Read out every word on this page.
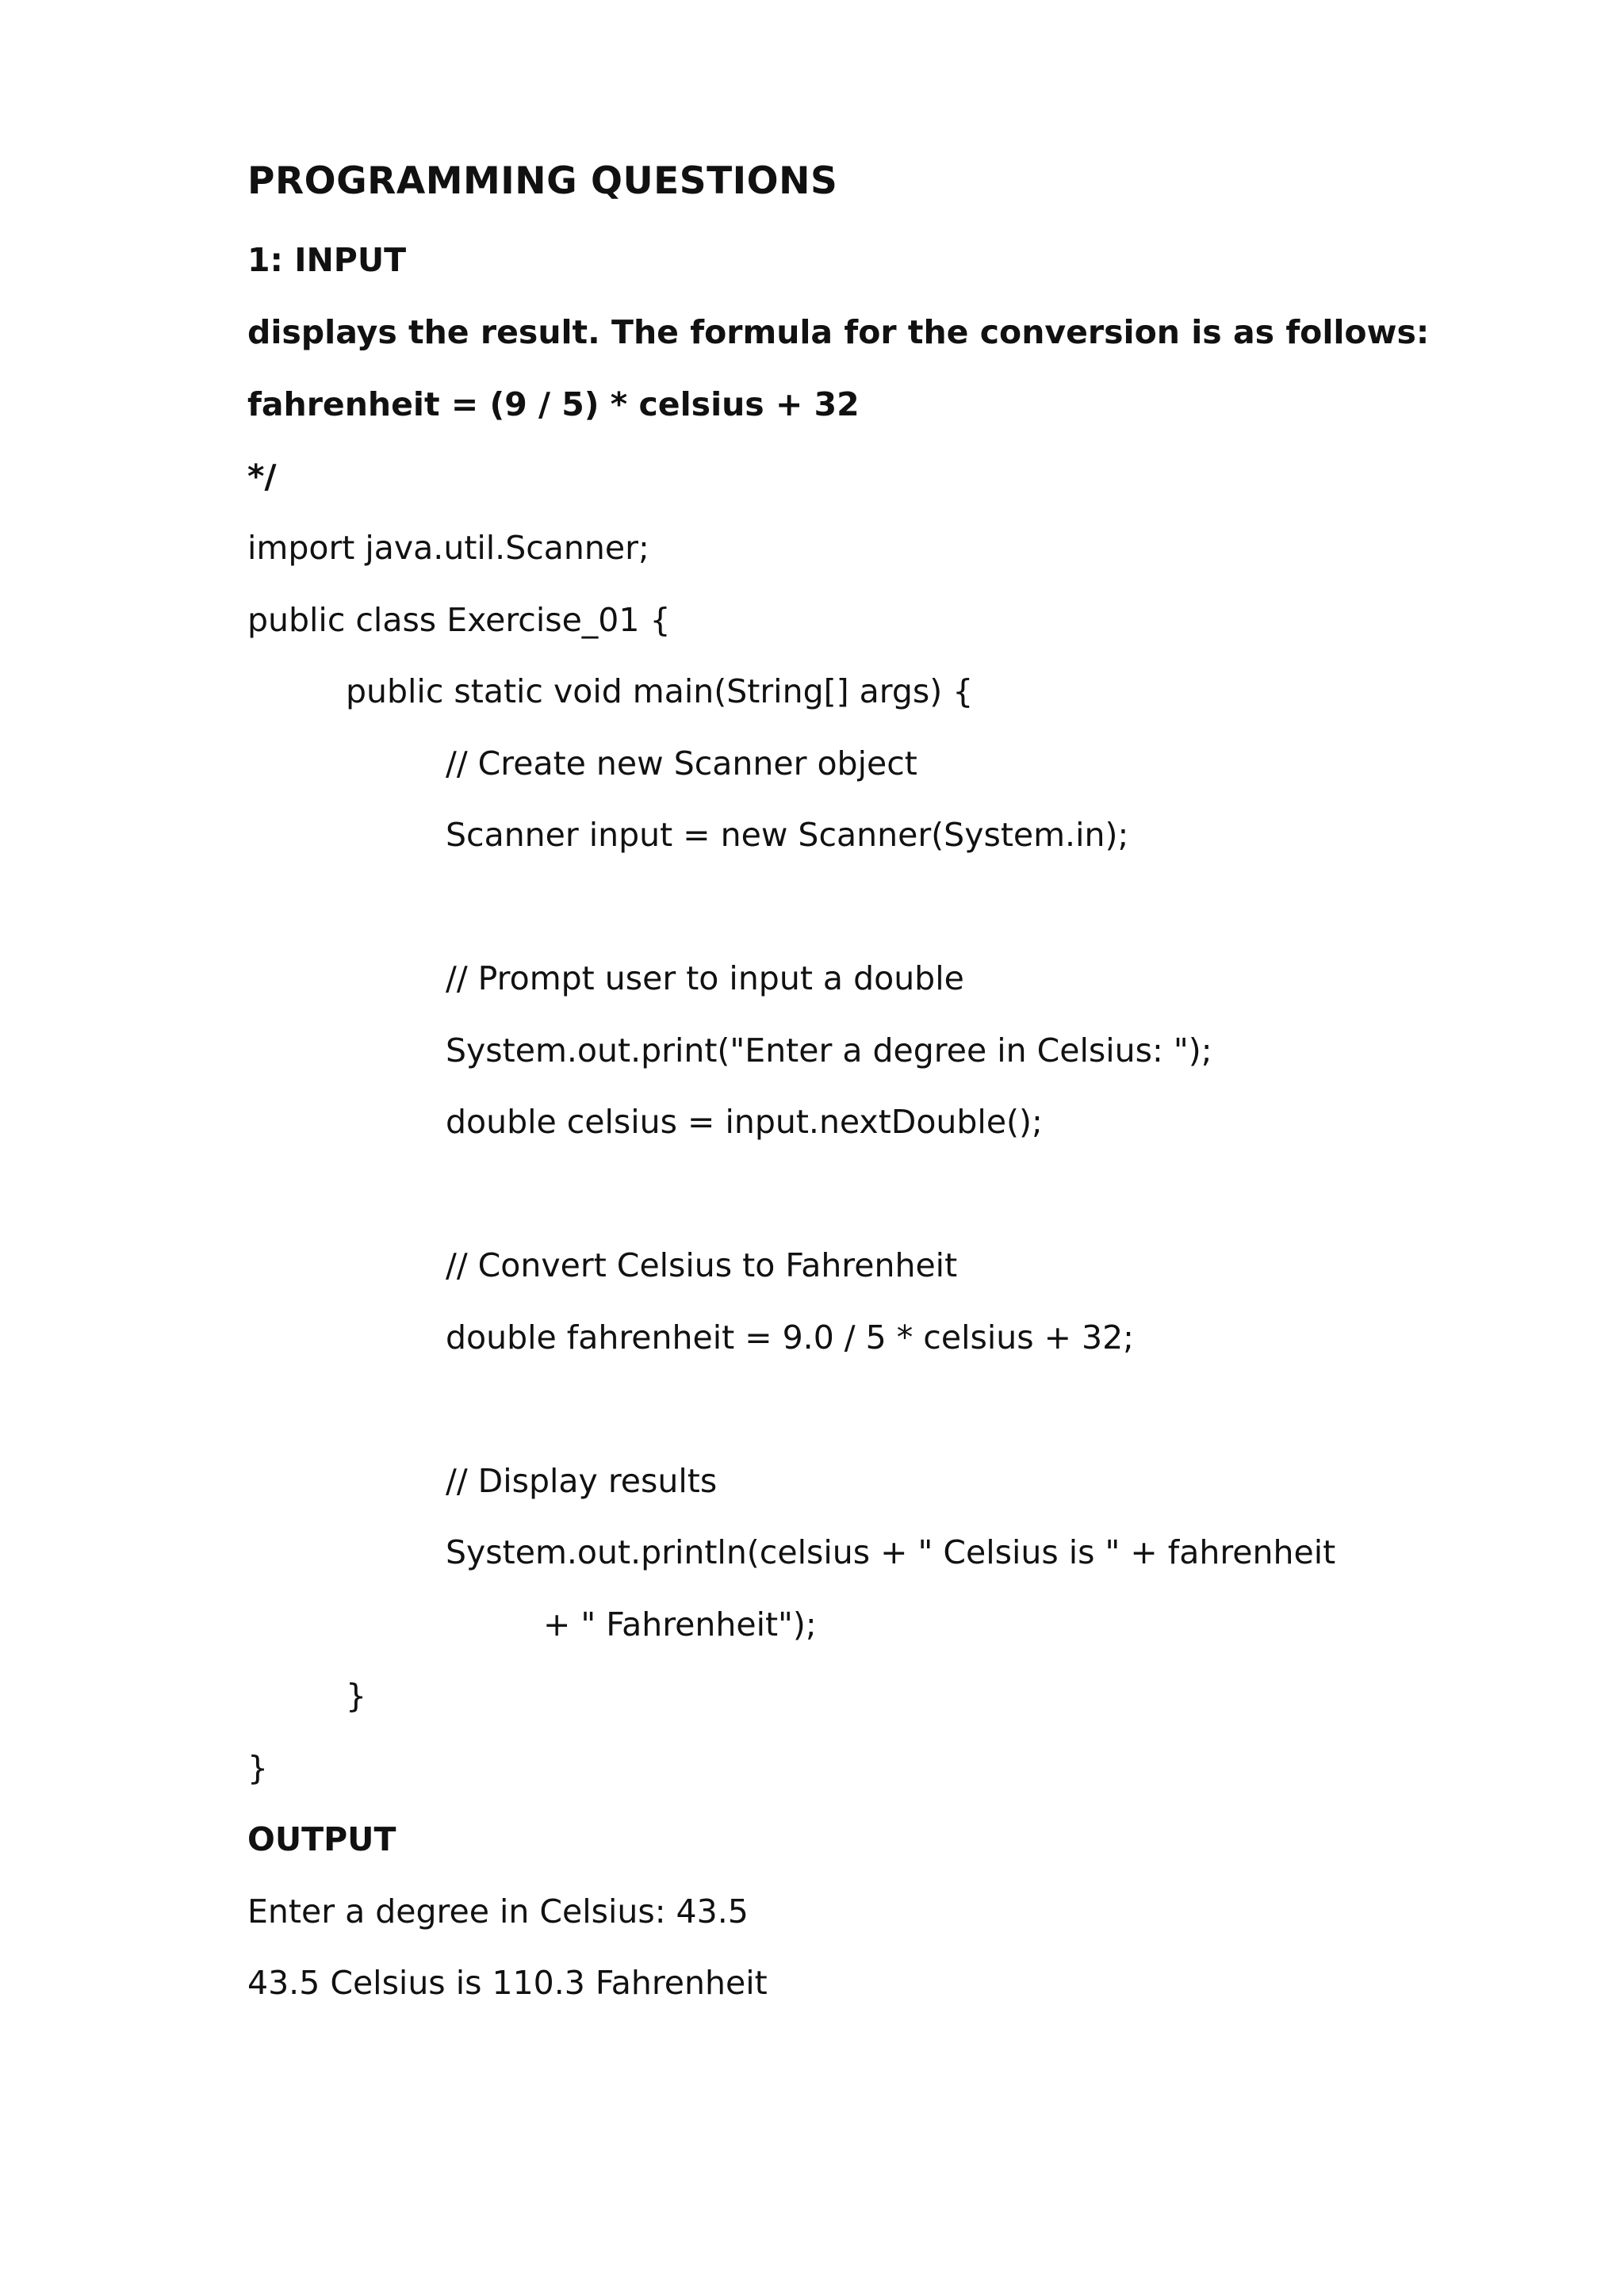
PROGRAMMING QUESTIONS
1: INPUT
displays the result. The formula for the conversion is as follows:
fahrenheit = (9 / 5) * celsius + 32
*/
import java.util.Scanner;
public class Exercise_01 {
public static void main(String[] args) {
// Create new Scanner object
Scanner input = new Scanner(System.in);
// Prompt user to input a double
System.out.print("Enter a degree in Celsius: ");
double celsius = input.nextDouble();
// Convert Celsius to Fahrenheit
double fahrenheit = 9.0 / 5 * celsius + 32;
// Display results
System.out.println(celsius + " Celsius is " + fahrenheit
+ " Fahrenheit");
}
}
OUTPUT
Enter a degree in Celsius: 43.5
43.5 Celsius is 110.3 Fahrenheit
